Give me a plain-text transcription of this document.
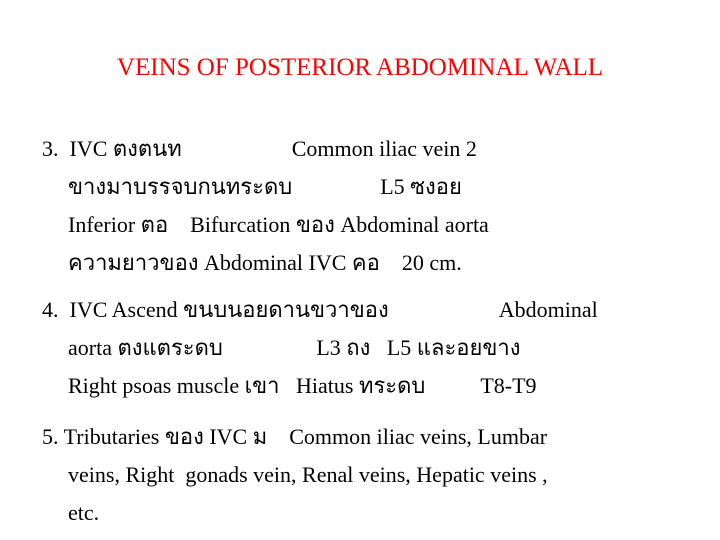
VEINS OF POSTERIOR ABDOMINAL WALL
3.  IVC ตงตนท                    Common iliac vein 2
ขางมาบรรจบกนทระดบ                L5 ซงอย
Inferior ตอ    Bifurcation ของ Abdominal aorta
ความยาวของ Abdominal IVC คอ    20 cm.
4.  IVC Ascend ขนบนอยดานขวาของ                    Abdominal
aorta ตงแตระดบ                 L3 ถง   L5 และอยขาง
Right psoas muscle เขา   Hiatus ทระดบ          T8-T9
5. Tributaries ของ IVC ม    Common iliac veins, Lumbar
veins, Right  gonads vein, Renal veins, Hepatic veins ,
etc.
